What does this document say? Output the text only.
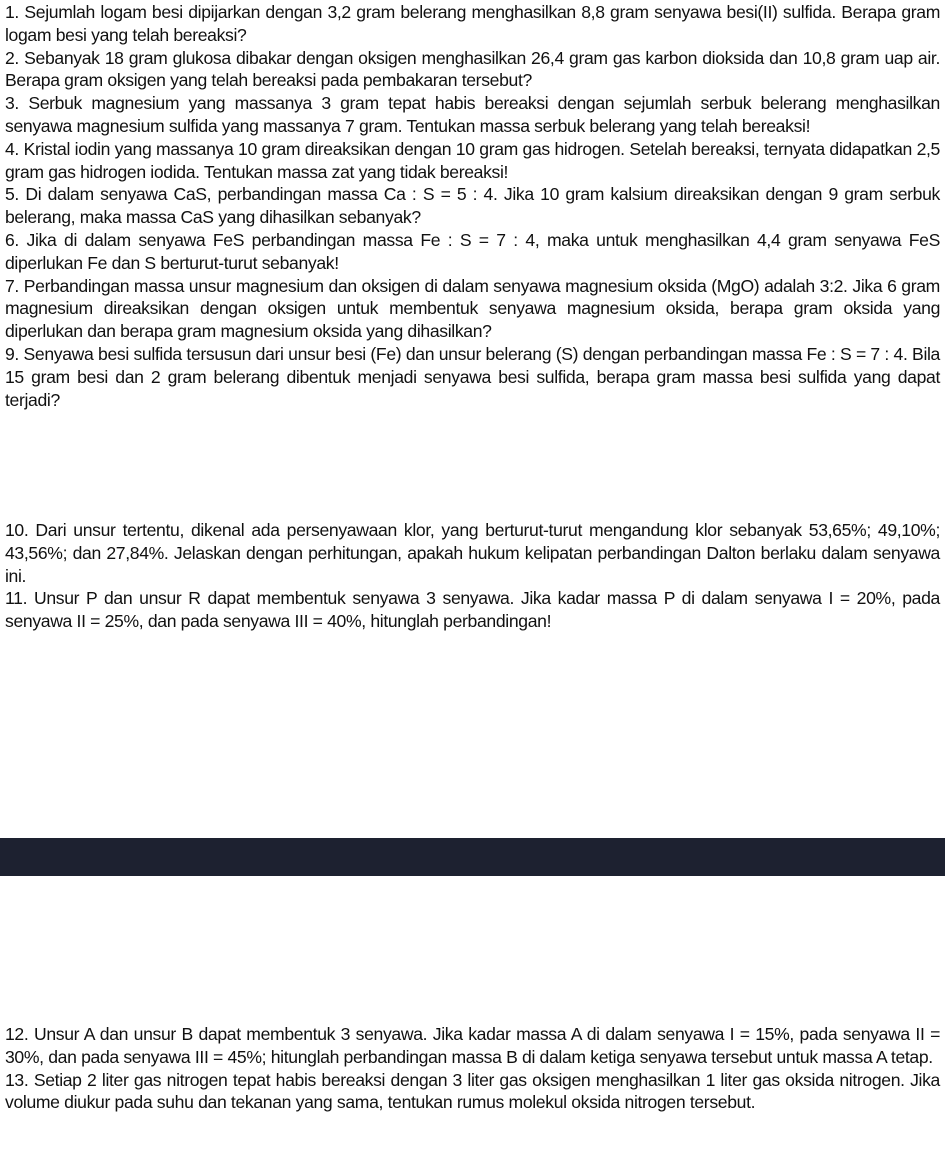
1. Sejumlah logam besi dipijarkan dengan 3,2 gram belerang menghasilkan 8,8 gram senyawa besi(II) sulfida. Berapa gram logam besi yang telah bereaksi?

2. Sebanyak 18 gram glukosa dibakar dengan oksigen menghasilkan 26,4 gram gas karbon dioksida dan 10,8 gram uap air. Berapa gram oksigen yang telah bereaksi pada pembakaran tersebut?

3. Serbuk magnesium yang massanya 3 gram tepat habis bereaksi dengan sejumlah serbuk belerang menghasilkan senyawa magnesium sulfida yang massanya 7 gram. Tentukan massa serbuk belerang yang telah bereaksi!

4. Kristal iodin yang massanya 10 gram direaksikan dengan 10 gram gas hidrogen. Setelah bereaksi, ternyata didapatkan 2,5 gram gas hidrogen iodida. Tentukan massa zat yang tidak bereaksi!

5. Di dalam senyawa CaS, perbandingan massa Ca : S = 5 : 4. Jika 10 gram kalsium direaksikan dengan 9 gram serbuk belerang, maka massa CaS yang dihasilkan sebanyak?

6. Jika di dalam senyawa FeS perbandingan massa Fe : S = 7 : 4, maka untuk menghasilkan 4,4 gram senyawa FeS diperlukan Fe dan S berturut-turut sebanyak!

7. Perbandingan massa unsur magnesium dan oksigen di dalam senyawa magnesium oksida (MgO) adalah 3:2. Jika 6 gram magnesium direaksikan dengan oksigen untuk membentuk senyawa magnesium oksida, berapa gram oksida yang diperlukan dan berapa gram magnesium oksida yang dihasilkan?

9. Senyawa besi sulfida tersusun dari unsur besi (Fe) dan unsur belerang (S) dengan perbandingan massa Fe : S = 7 : 4. Bila 15 gram besi dan 2 gram belerang dibentuk menjadi senyawa besi sulfida, berapa gram massa besi sulfida yang dapat terjadi?

10. Dari unsur tertentu, dikenal ada persenyawaan klor, yang berturut-turut mengandung klor sebanyak 53,65%; 49,10%; 43,56%; dan 27,84%. Jelaskan dengan perhitungan, apakah hukum kelipatan perbandingan Dalton berlaku dalam senyawa ini.

11. Unsur P dan unsur R dapat membentuk senyawa 3 senyawa. Jika kadar massa P di dalam senyawa I = 20%, pada senyawa II = 25%, dan pada senyawa III = 40%, hitunglah perbandingan!

12. Unsur A dan unsur B dapat membentuk 3 senyawa. Jika kadar massa A di dalam senyawa I = 15%, pada senyawa II = 30%, dan pada senyawa III = 45%; hitunglah perbandingan massa B di dalam ketiga senyawa tersebut untuk massa A tetap.

13. Setiap 2 liter gas nitrogen tepat habis bereaksi dengan 3 liter gas oksigen menghasilkan 1 liter gas oksida nitrogen. Jika volume diukur pada suhu dan tekanan yang sama, tentukan rumus molekul oksida nitrogen tersebut.
